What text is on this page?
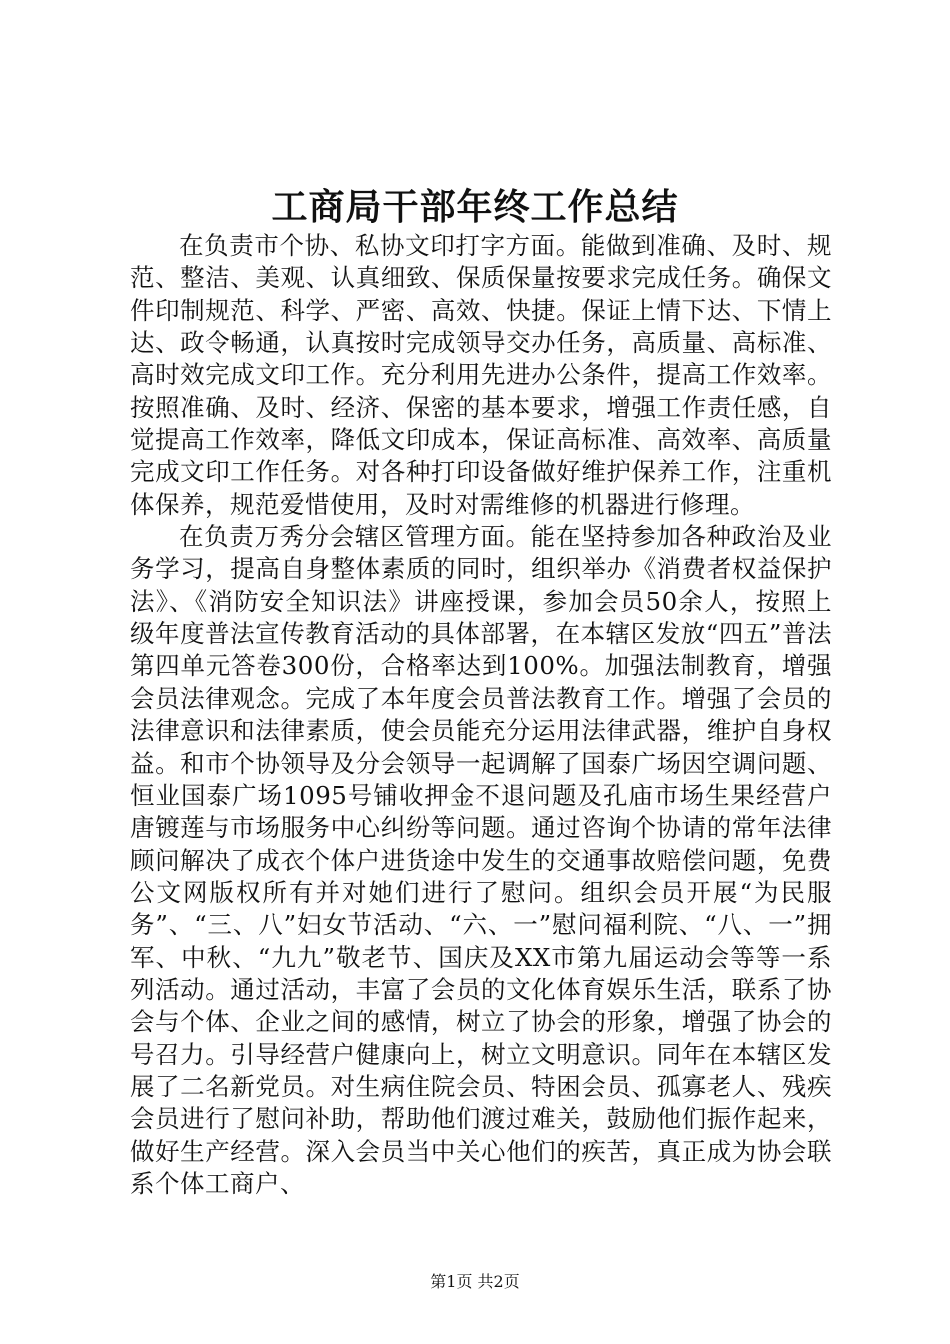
工商局干部年终工作总结

在负责市个协、私协文印打字方面。能做到准确、及时、规范、整洁、美观、认真细致、保质保量按要求完成任务。确保文件印制规范、科学、严密、高效、快捷。保证上情下达、下情上达、政令畅通，认真按时完成领导交办任务，高质量、高标准、高时效完成文印工作。充分利用先进办公条件，提高工作效率。按照准确、及时、经济、保密的基本要求，增强工作责任感，自觉提高工作效率，降低文印成本，保证高标准、高效率、高质量完成文印工作任务。对各种打印设备做好维护保养工作，注重机体保养，规范爱惜使用，及时对需维修的机器进行修理。

在负责万秀分会辖区管理方面。能在坚持参加各种政治及业务学习，提高自身整体素质的同时，组织举办《消费者权益保护法》、《消防安全知识法》讲座授课，参加会员50余人，按照上级年度普法宣传教育活动的具体部署，在本辖区发放“四五”普法第四单元答卷300份，合格率达到100%。加强法制教育，增强会员法律观念。完成了本年度会员普法教育工作。增强了会员的法律意识和法律素质，使会员能充分运用法律武器，维护自身权益。和市个协领导及分会领导一起调解了国泰广场因空调问题、恒业国泰广场1095号铺收押金不退问题及孔庙市场生果经营户唐镀莲与市场服务中心纠纷等问题。通过咨询个协请的常年法律顾问解决了成衣个体户进货途中发生的交通事故赔偿问题，免费公文网版权所有并对她们进行了慰问。组织会员开展“为民服务”、“三、八”妇女节活动、“六、一”慰问福利院、“八、一”拥军、中秋、“九九”敬老节、国庆及XX市第九届运动会等等一系列活动。通过活动，丰富了会员的文化体育娱乐生活，联系了协会与个体、企业之间的感情，树立了协会的形象，增强了协会的号召力。引导经营户健康向上，树立文明意识。同年在本辖区发展了二名新党员。对生病住院会员、特困会员、孤寡老人、残疾会员进行了慰问补助，帮助他们渡过难关，鼓励他们振作起来，做好生产经营。深入会员当中关心他们的疾苦，真正成为协会联系个体工商户、

第1页 共2页
